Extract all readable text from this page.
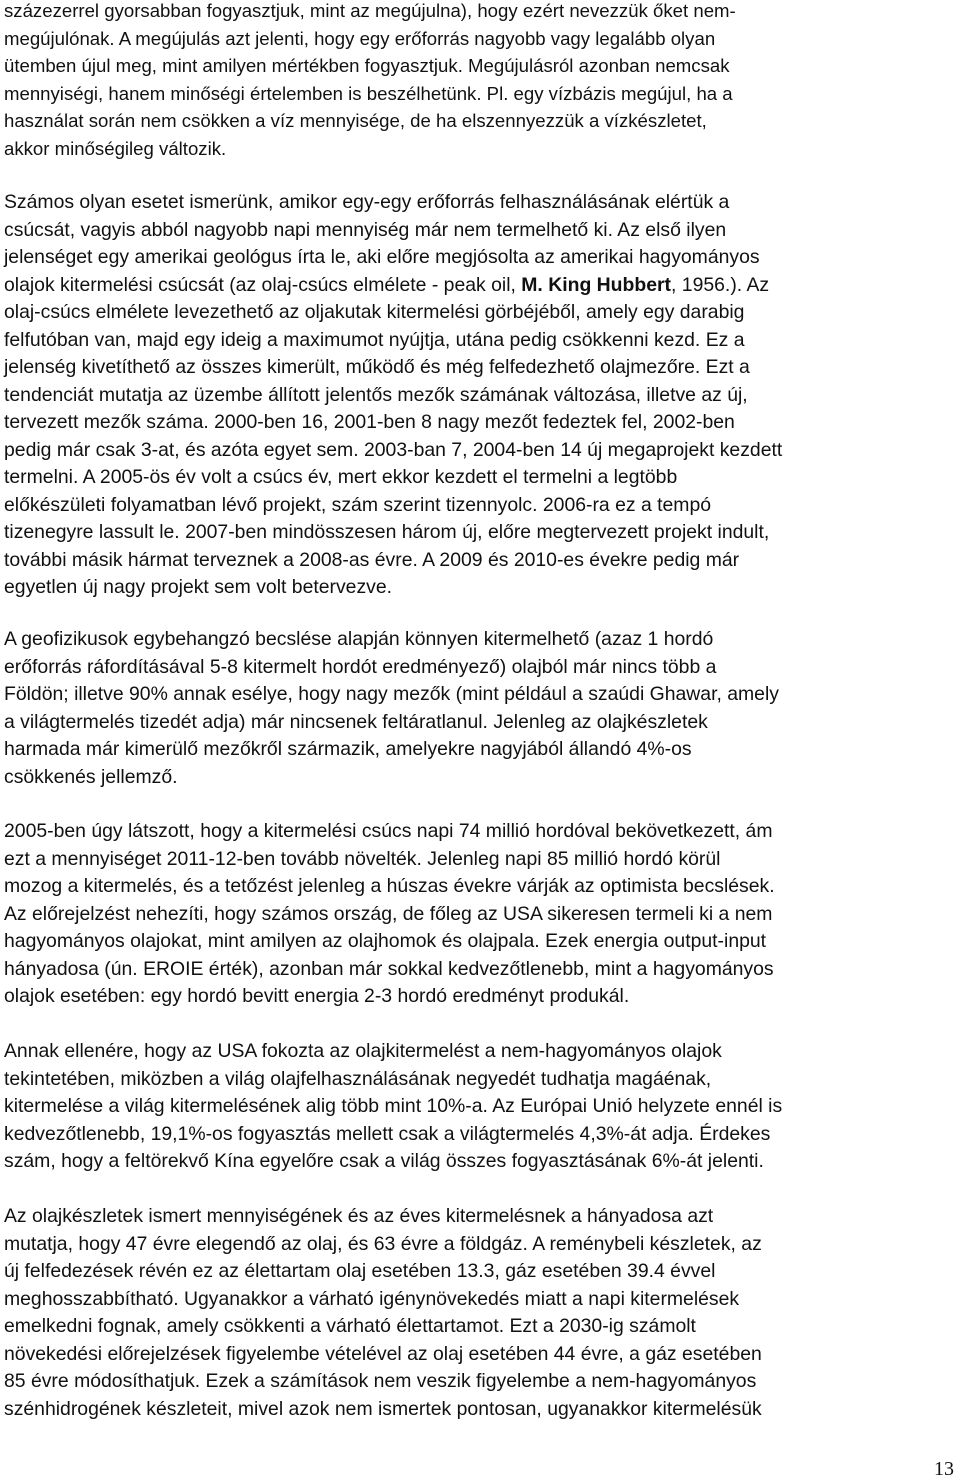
százezerrel gyorsabban fogyasztjuk, mint az megújulna), hogy ezért nevezzük őket nem-
megújulónak. A megújulás azt jelenti, hogy egy erőforrás nagyobb vagy legalább olyan
ütemben újul meg, mint amilyen mértékben fogyasztjuk. Megújulásról azonban nemcsak
mennyiségi, hanem minőségi értelemben is beszélhetünk. Pl. egy vízbázis megújul, ha a
használat során nem csökken a víz mennyisége, de ha elszennyezzük a vízkészletet,
akkor minőségileg változik.
Számos olyan esetet ismerünk, amikor egy-egy erőforrás felhasználásának elértük a
csúcsát, vagyis abból nagyobb napi mennyiség már nem termelhető ki. Az első ilyen
jelenséget egy amerikai geológus írta le, aki előre megjósolta az amerikai hagyományos
olajok kitermelési csúcsát (az olaj-csúcs elmélete - peak oil, M. King Hubbert, 1956.). Az
olaj-csúcs elmélete levezethető az oljakutak kitermelési görbéjéből, amely egy darabig
felfutóban van, majd egy ideig a maximumot nyújtja, utána pedig csökkenni kezd. Ez a
jelenség kivetíthető az összes kimerült, működő és még felfedezhető olajmezőre. Ezt a
tendenciát mutatja az üzembe állított jelentős mezők számának változása, illetve az új,
tervezett mezők száma. 2000-ben 16, 2001-ben 8 nagy mezőt fedeztek fel, 2002-ben
pedig már csak 3-at, és azóta egyet sem. 2003-ban 7, 2004-ben 14 új megaprojekt kezdett
termelni. A 2005-ös év volt a csúcs év, mert ekkor kezdett el termelni a legtöbb
előkészületi folyamatban lévő projekt, szám szerint tizennyolc. 2006-ra ez a tempó
tizenegyre lassult le. 2007-ben mindösszesen három új, előre megtervezett projekt indult,
további másik hármat terveznek a 2008-as évre. A 2009 és 2010-es évekre pedig már
egyetlen új nagy projekt sem volt betervezve.
A geofizikusok egybehangzó becslése alapján könnyen kitermelhető (azaz 1 hordó
erőforrás ráfordításával 5-8 kitermelt hordót eredményező) olajból már nincs több a
Földön; illetve 90% annak esélye, hogy nagy mezők (mint például a szaúdi Ghawar, amely
a világtermelés tizedét adja) már nincsenek feltáratlanul. Jelenleg az olajkészletek
harmada már kimerülő mezőkről származik, amelyekre nagyjából állandó 4%-os
csökkenés jellemző.
2005-ben úgy látszott, hogy a kitermelési csúcs napi 74 millió hordóval bekövetkezett, ám
ezt a mennyiséget 2011-12-ben tovább növelték. Jelenleg napi 85 millió hordó körül
mozog a kitermelés, és a tetőzést jelenleg a húszas évekre várják az optimista becslések.
Az előrejelzést nehezíti, hogy számos ország, de főleg az USA sikeresen termeli ki a nem
hagyományos olajokat, mint amilyen az olajhomok és olajpala. Ezek energia output-input
hányadosa (ún. EROIE érték), azonban már sokkal kedvezőtlenebb, mint a hagyományos
olajok esetében: egy hordó bevitt energia 2-3 hordó eredményt produkál.
Annak ellenére, hogy az USA fokozta az olajkitermelést a nem-hagyományos olajok
tekintetében, miközben a világ olajfelhasználásának negyedét tudhatja magáénak,
kitermelése a világ kitermelésének alig több mint 10%-a. Az Európai Unió helyzete ennél is
kedvezőtlenebb, 19,1%-os fogyasztás mellett csak a világtermelés 4,3%-át adja. Érdekes
szám, hogy a feltörekvő Kína egyelőre csak a világ összes fogyasztásának 6%-át jelenti.
Az olajkészletek ismert mennyiségének és az éves kitermelésnek a hányadosa azt
mutatja, hogy 47 évre elegendő az olaj, és 63 évre a földgáz. A reménybeli készletek, az
új felfedezések révén ez az élettartam olaj esetében 13.3, gáz esetében 39.4 évvel
meghosszabbítható. Ugyanakkor a várható igénynövekedés miatt a napi kitermelések
emelkedni fognak, amely csökkenti a várható élettartamot. Ezt a 2030-ig számolt
növekedési előrejelzések figyelembe vételével az olaj esetében 44 évre, a gáz esetében
85 évre módosíthatjuk. Ezek a számítások nem veszik figyelembe a nem-hagyományos
szénhidrogének készleteit, mivel azok nem ismertek pontosan, ugyanakkor kitermelésük
13
